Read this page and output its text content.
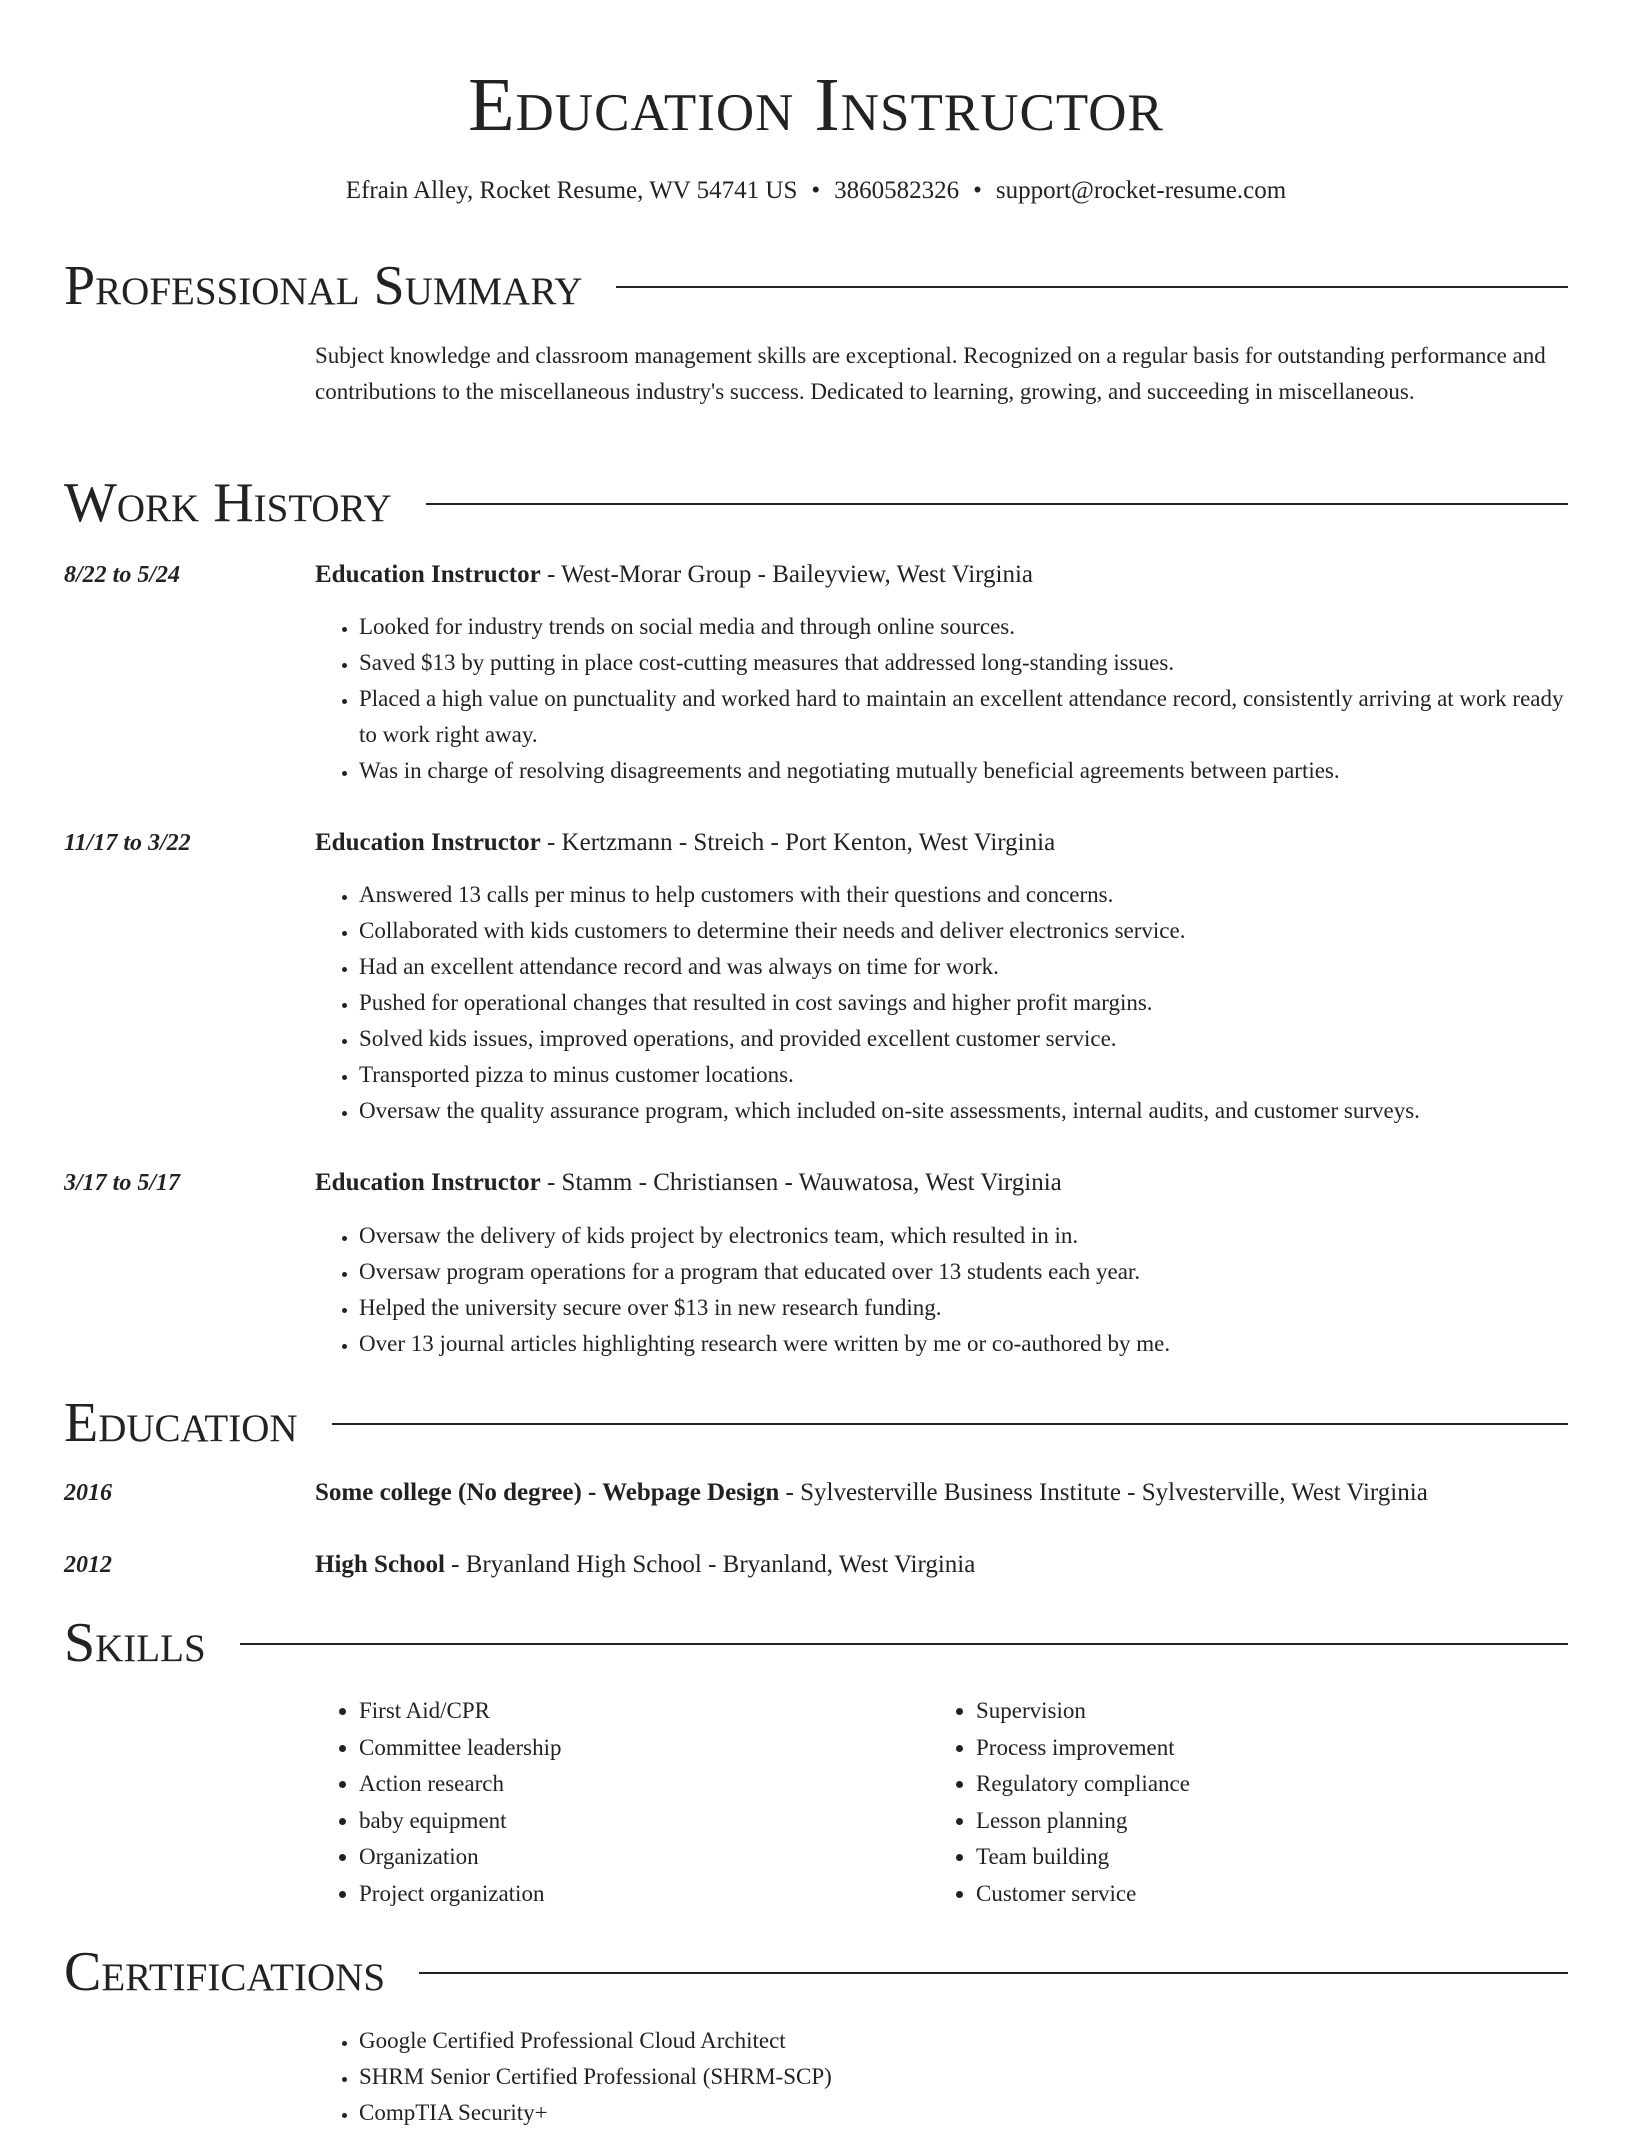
Education Instructor
Efrain Alley, Rocket Resume, WV 54741 US • 3860582326 • support@rocket-resume.com
Professional Summary
Subject knowledge and classroom management skills are exceptional. Recognized on a regular basis for outstanding performance and contributions to the miscellaneous industry's success. Dedicated to learning, growing, and succeeding in miscellaneous.
Work History
8/22 to 5/24	Education Instructor - West-Morar Group - Baileyview, West Virginia
• Looked for industry trends on social media and through online sources.
• Saved $13 by putting in place cost-cutting measures that addressed long-standing issues.
• Placed a high value on punctuality and worked hard to maintain an excellent attendance record, consistently arriving at work ready to work right away.
• Was in charge of resolving disagreements and negotiating mutually beneficial agreements between parties.
11/17 to 3/22	Education Instructor - Kertzmann - Streich - Port Kenton, West Virginia
• Answered 13 calls per minus to help customers with their questions and concerns.
• Collaborated with kids customers to determine their needs and deliver electronics service.
• Had an excellent attendance record and was always on time for work.
• Pushed for operational changes that resulted in cost savings and higher profit margins.
• Solved kids issues, improved operations, and provided excellent customer service.
• Transported pizza to minus customer locations.
• Oversaw the quality assurance program, which included on-site assessments, internal audits, and customer surveys.
3/17 to 5/17	Education Instructor - Stamm - Christiansen - Wauwatosa, West Virginia
• Oversaw the delivery of kids project by electronics team, which resulted in in.
• Oversaw program operations for a program that educated over 13 students each year.
• Helped the university secure over $13 in new research funding.
• Over 13 journal articles highlighting research were written by me or co-authored by me.
Education
2016	Some college (No degree) - Webpage Design - Sylvesterville Business Institute - Sylvesterville, West Virginia
2012	High School - Bryanland High School - Bryanland, West Virginia
Skills
• First Aid/CPR
• Committee leadership
• Action research
• baby equipment
• Organization
• Project organization
• Supervision
• Process improvement
• Regulatory compliance
• Lesson planning
• Team building
• Customer service
Certifications
• Google Certified Professional Cloud Architect
• SHRM Senior Certified Professional (SHRM-SCP)
• CompTIA Security+
